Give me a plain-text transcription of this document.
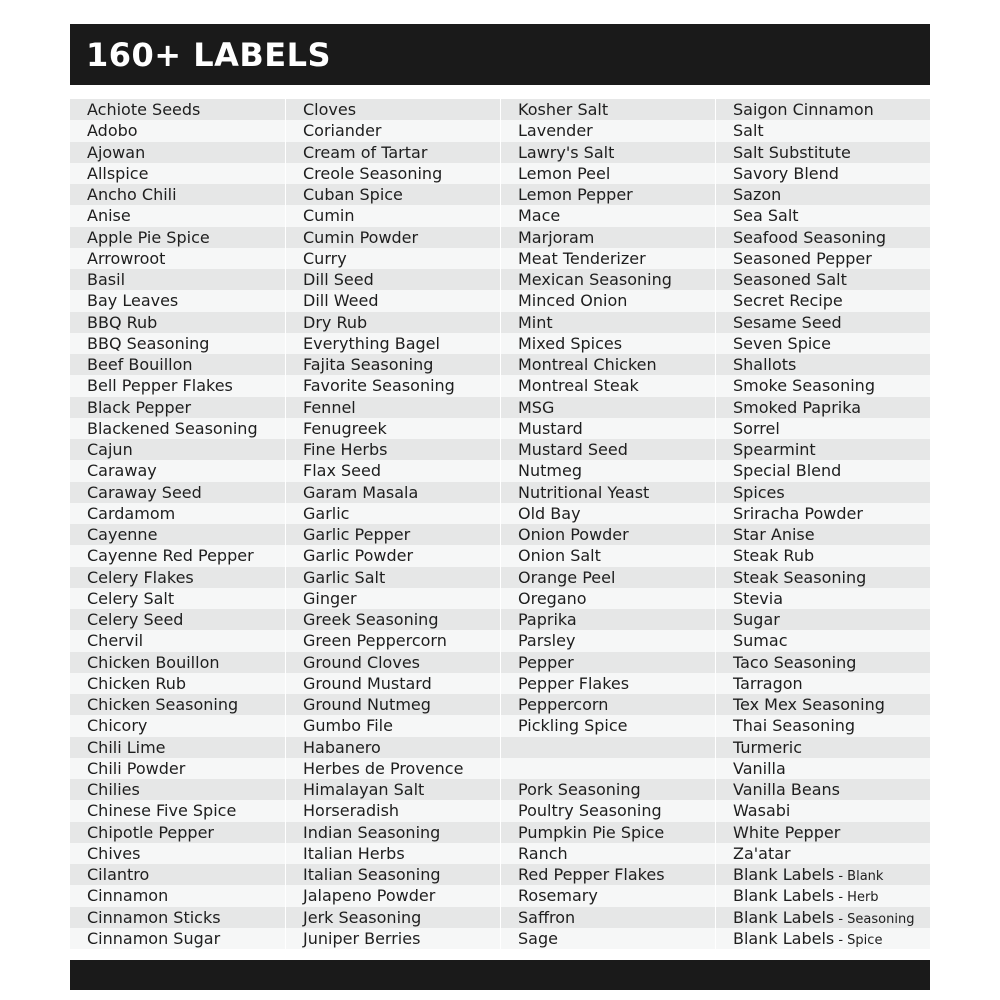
160+ LABELS
Achiote Seeds
Adobo
Ajowan
Allspice
Ancho Chili
Anise
Apple Pie Spice
Arrowroot
Basil
Bay Leaves
BBQ Rub
BBQ Seasoning
Beef Bouillon
Bell Pepper Flakes
Black Pepper
Blackened Seasoning
Cajun
Caraway
Caraway Seed
Cardamom
Cayenne
Cayenne Red Pepper
Celery Flakes
Celery Salt
Celery Seed
Chervil
Chicken Bouillon
Chicken Rub
Chicken Seasoning
Chicory
Chili Lime
Chili Powder
Chilies
Chinese Five Spice
Chipotle Pepper
Chives
Cilantro
Cinnamon
Cinnamon Sticks
Cinnamon Sugar
Cloves
Coriander
Cream of Tartar
Creole Seasoning
Cuban Spice
Cumin
Cumin Powder
Curry
Dill Seed
Dill Weed
Dry Rub
Everything Bagel
Fajita Seasoning
Favorite Seasoning
Fennel
Fenugreek
Fine Herbs
Flax Seed
Garam Masala
Garlic
Garlic Pepper
Garlic Powder
Garlic Salt
Ginger
Greek Seasoning
Green Peppercorn
Ground Cloves
Ground Mustard
Ground Nutmeg
Gumbo File
Habanero
Herbes de Provence
Himalayan Salt
Horseradish
Indian Seasoning
Italian Herbs
Italian Seasoning
Jalapeno Powder
Jerk Seasoning
Juniper Berries
Kosher Salt
Lavender
Lawry's Salt
Lemon Peel
Lemon Pepper
Mace
Marjoram
Meat Tenderizer
Mexican Seasoning
Minced Onion
Mint
Mixed Spices
Montreal Chicken
Montreal Steak
MSG
Mustard
Mustard Seed
Nutmeg
Nutritional Yeast
Old Bay
Onion Powder
Onion Salt
Orange Peel
Oregano
Paprika
Parsley
Pepper
Pepper Flakes
Peppercorn
Pickling Spice
Pork Seasoning
Poultry Seasoning
Pumpkin Pie Spice
Ranch
Red Pepper Flakes
Rosemary
Saffron
Sage
Saigon Cinnamon
Salt
Salt Substitute
Savory Blend
Sazon
Sea Salt
Seafood Seasoning
Seasoned Pepper
Seasoned Salt
Secret Recipe
Sesame Seed
Seven Spice
Shallots
Smoke Seasoning
Smoked Paprika
Sorrel
Spearmint
Special Blend
Spices
Sriracha Powder
Star Anise
Steak Rub
Steak Seasoning
Stevia
Sugar
Sumac
Taco Seasoning
Tarragon
Tex Mex Seasoning
Thai Seasoning
Turmeric
Vanilla
Vanilla Beans
Wasabi
White Pepper
Za'atar
Blank Labels - Blank
Blank Labels - Herb
Blank Labels - Seasoning
Blank Labels - Spice
